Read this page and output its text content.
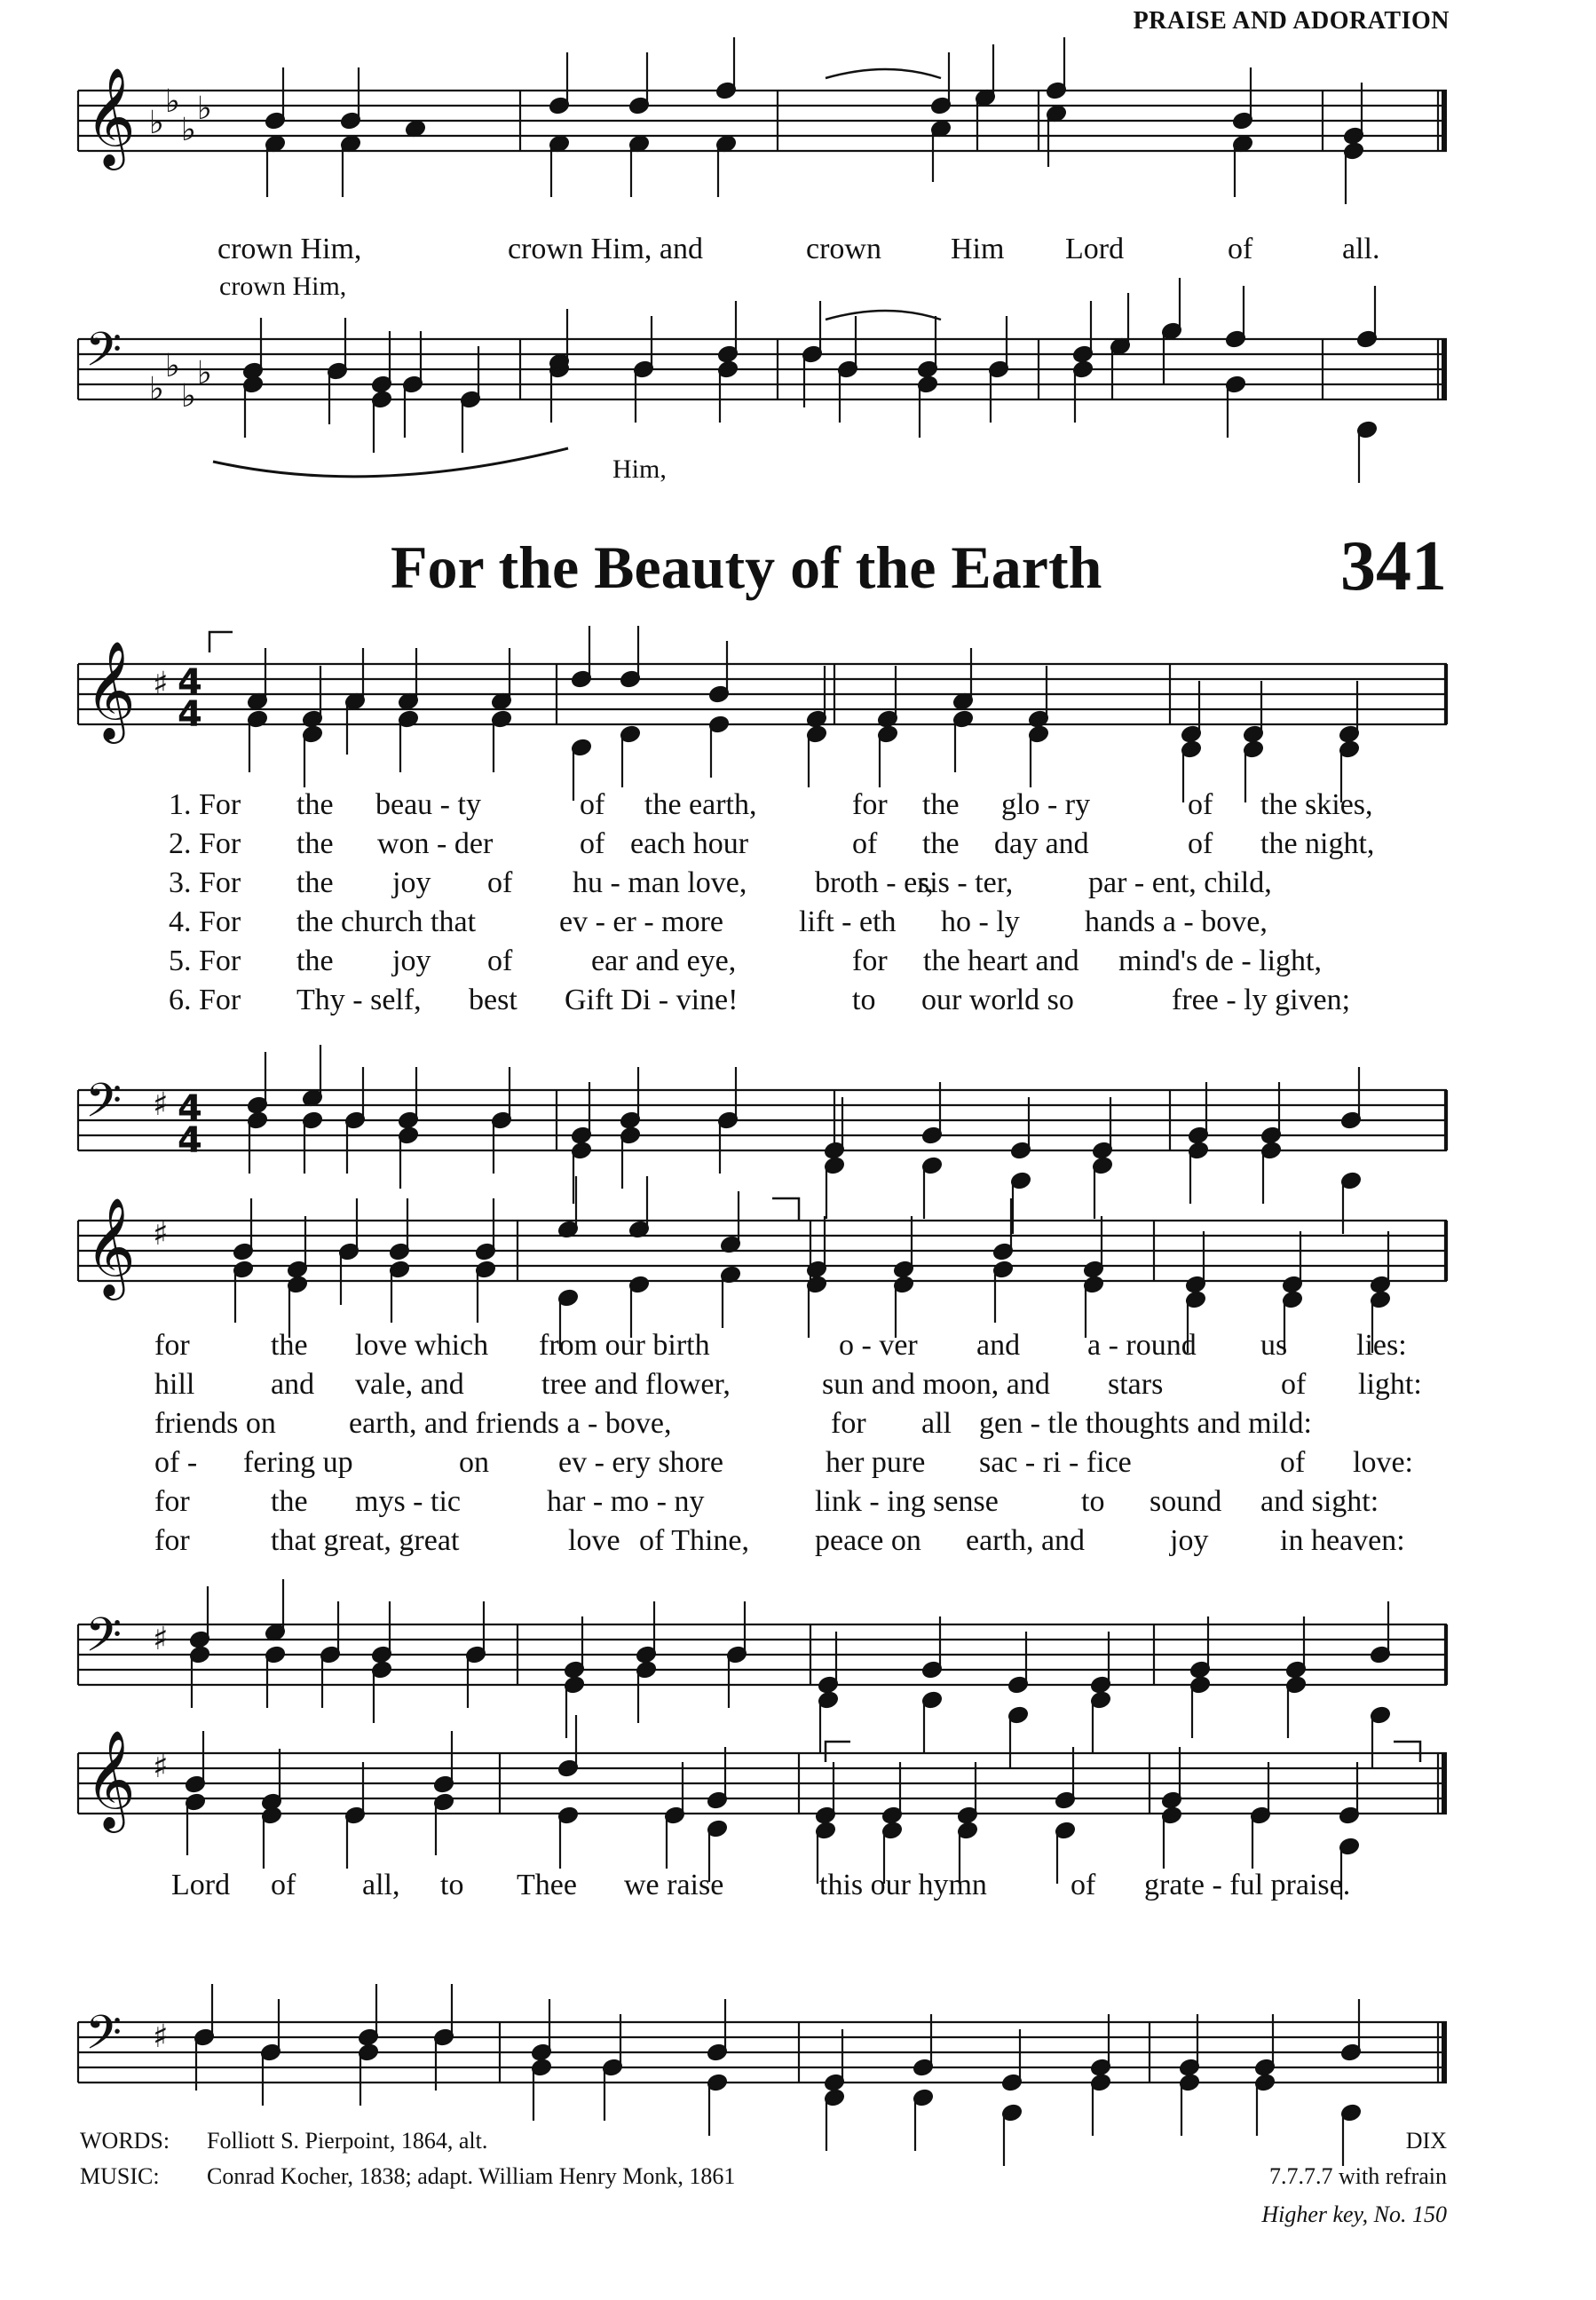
PRAISE AND ADORATION
𝄞 ♭
♭
♭
♭
𝄢
♭
♭
♭
♭
𝄞 ♯ 4
4
𝄢 ♯ 4
4
𝄞 ♯
𝄢 ♯
𝄞 ♯
𝄢 ♯
crown Him,	crown Him, and	crown Him Lord	of	all.
crown Him,
Him,
For the Beauty of the Earth	341
1. For the beau - ty	of the earth,	for the glo - ry	of the skies,
2. For the won - der	of each hour	of the day and	of the night,
3. For the joy of hu - man love, broth - er,
sis - ter, par - ent, child,
4. For the church that	ev - er - more lift - eth ho - ly hands a - bove,
5. For the joy of	ear and eye,	for the heart and mind's de - light,
6. For Thy - self, best Gift Di - vine!	to our world so	free - ly given;
for	the love which from our birth	o - ver and a - round us lies:
hill	and vale, and	tree and flower,	sun and moon, and stars	of light:
friends on earth, and friends a - bove,	for all gen - tle thoughts and mild:
of - fering up	on ev - ery shore	her pure sac - ri - fice	of love:
for	the mys - tic	har - mo - ny	link - ing sense	to sound and sight:
for	that great, great	love of Thine, peace on earth, and	joy in heaven:
Lord of all, to Thee we raise	this our hymn	of grate - ful praise.
WORDS: Folliott S. Pierpoint, 1864, alt.
MUSIC: Conrad Kocher, 1838; adapt. William Henry Monk, 1861
DIX
7.7.7.7 with refrain
Higher key, No. 150
